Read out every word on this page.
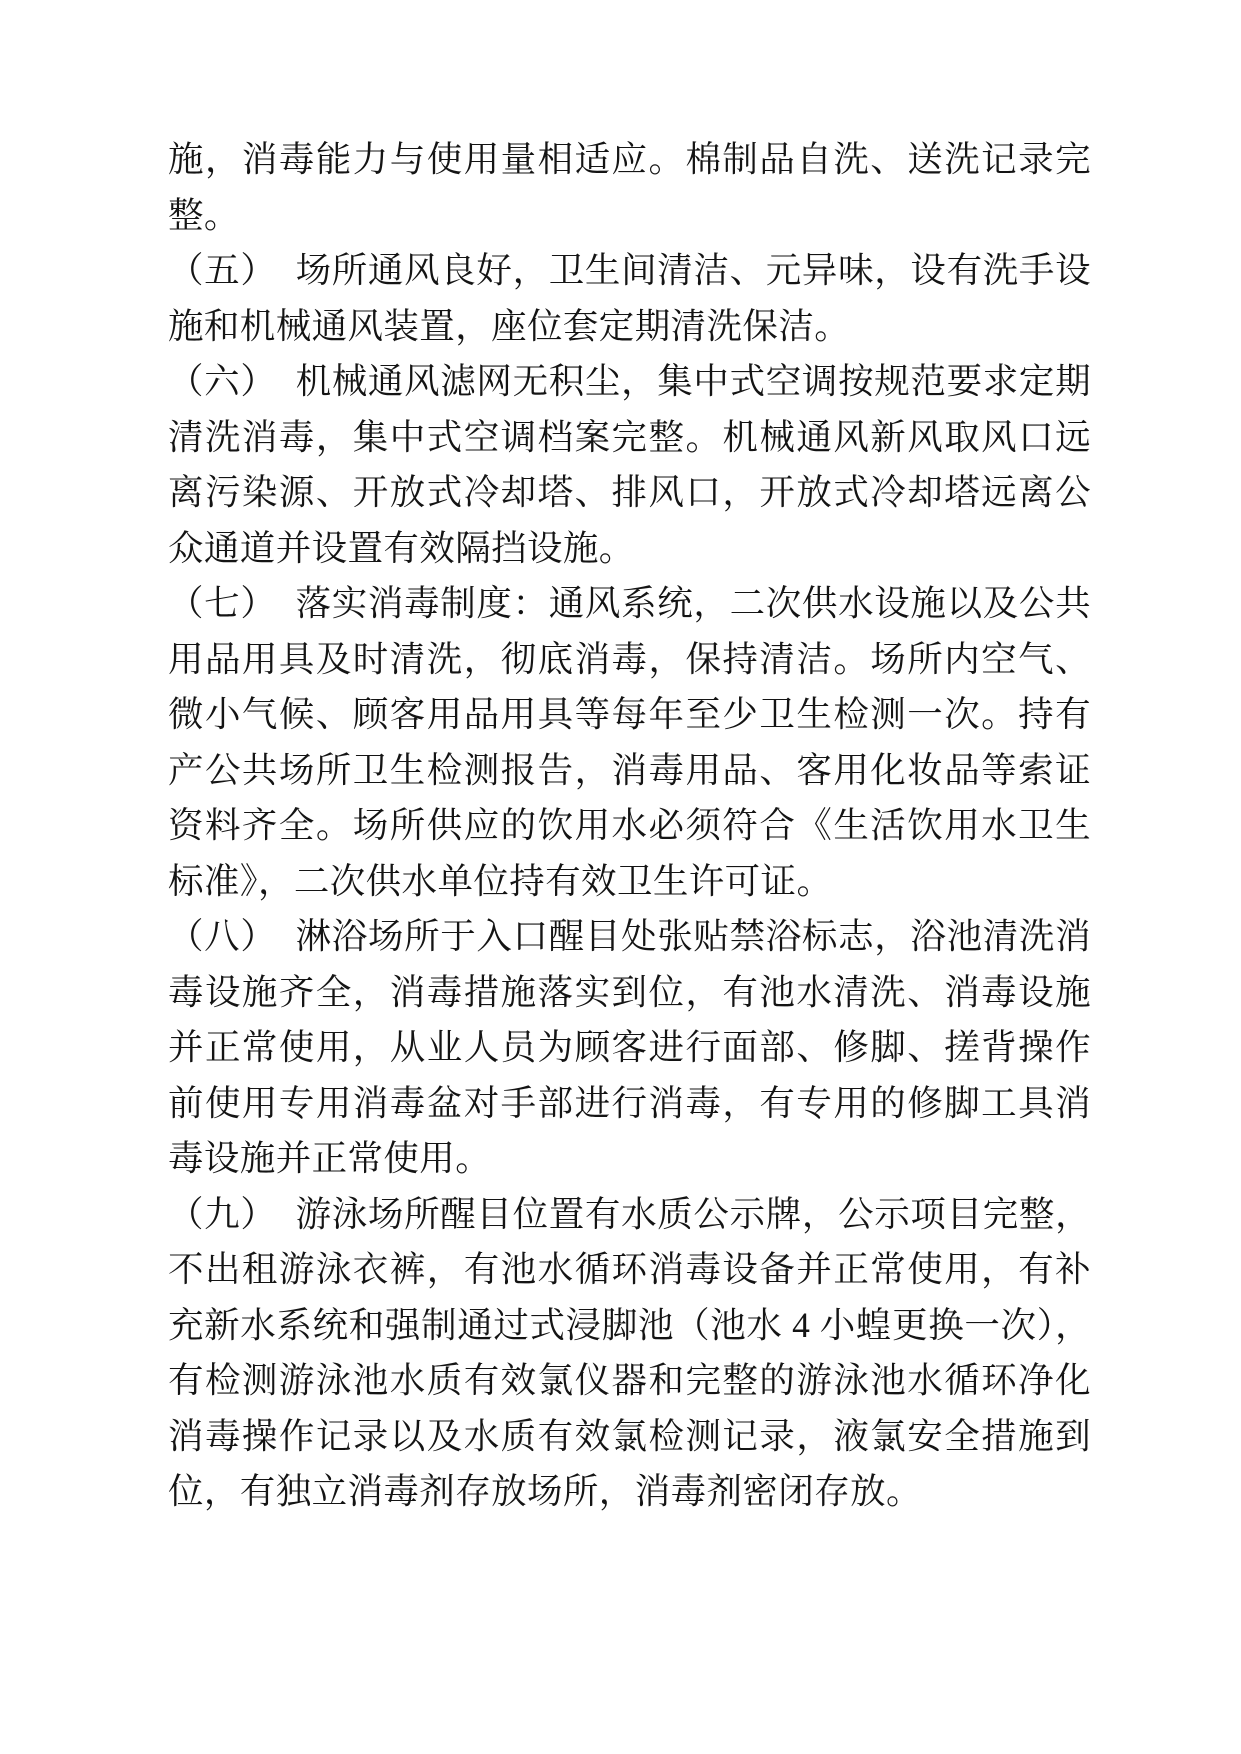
施，消毒能力与使用量相适应。棉制品自洗、送洗记录完整。

（五）  场所通风良好，卫生间清洁、元异味，设有洗手设施和机械通风装置，座位套定期清洗保洁。

（六）  机械通风滤网无积尘，集中式空调按规范要求定期清洗消毒，集中式空调档案完整。机械通风新风取风口远离污染源、开放式冷却塔、排风口，开放式冷却塔远离公众通道并设置有效隔挡设施。

（七）  落实消毒制度：通风系统，二次供水设施以及公共用品用具及时清洗，彻底消毒，保持清洁。场所内空气、微小气候、顾客用品用具等每年至少卫生检测一次。持有产公共场所卫生检测报告，消毒用品、客用化妆品等索证资料齐全。场所供应的饮用水必须符合《生活饮用水卫生标准》，二次供水单位持有效卫生许可证。

（八）  淋浴场所于入口醒目处张贴禁浴标志，浴池清洗消毒设施齐全，消毒措施落实到位，有池水清洗、消毒设施并正常使用，从业人员为顾客进行面部、修脚、搓背操作前使用专用消毒盆对手部进行消毒，有专用的修脚工具消毒设施并正常使用。

（九）  游泳场所醒目位置有水质公示牌，公示项目完整，不出租游泳衣裤，有池水循环消毒设备并正常使用，有补充新水系统和强制通过式浸脚池（池水 4 小蝗更换一次），有检测游泳池水质有效氯仪器和完整的游泳池水循环净化消毒操作记录以及水质有效氯检测记录，液氯安全措施到位，有独立消毒剂存放场所，消毒剂密闭存放。
